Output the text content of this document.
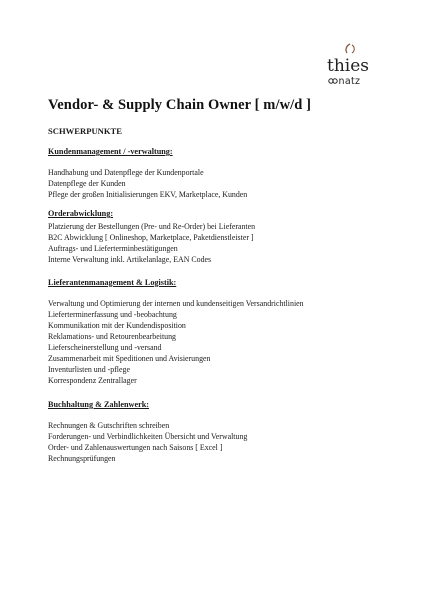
thies
natz
Vendor- & Supply Chain Owner [ m/w/d ]
SCHWERPUNKTE
Kundenmanagement / -verwaltung:
Handhabung und Datenpflege der Kundenportale
Datenpflege der Kunden
Pflege der großen Initialisierungen EKV, Marketplace, Kunden
Orderabwicklung:
Platzierung der Bestellungen (Pre- und Re-Order) bei Lieferanten
B2C Abwicklung [ Onlineshop, Marketplace, Paketdienstleister ]
Auftrags- und Lieferterminbestätigungen
Interne Verwaltung inkl. Artikelanlage, EAN Codes
Lieferantenmanagement & Logistik:
Verwaltung und Optimierung der internen und kundenseitigen Versandrichtlinien
Lieferterminerfassung und -beobachtung
Kommunikation mit der Kundendisposition
Reklamations- und Retourenbearbeitung
Lieferscheinerstellung und -versand
Zusammenarbeit mit Speditionen und Avisierungen
Inventurlisten und -pflege
Korrespondenz Zentrallager
Buchhaltung & Zahlenwerk:
Rechnungen & Gutschriften schreiben
Forderungen- und Verbindlichkeiten Übersicht und Verwaltung
Order- und Zahlenauswertungen nach Saisons [ Excel ]
Rechnungsprüfungen
